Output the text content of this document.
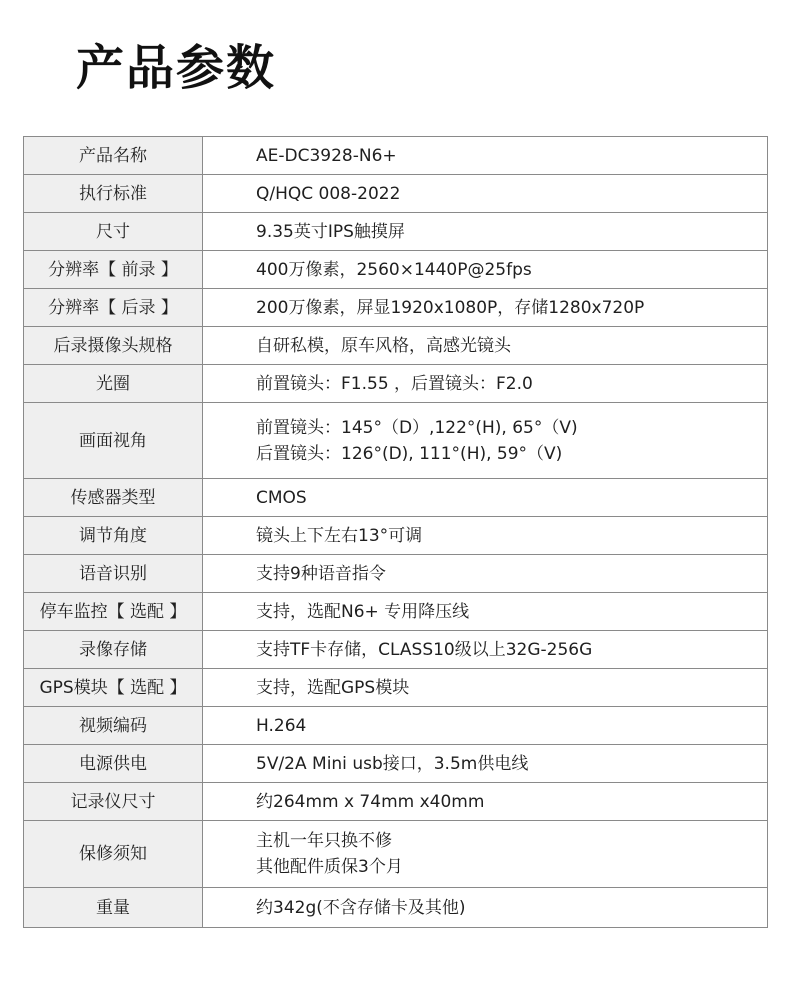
产品参数
产品名称	AE-DC3928-N6+

执行标准	Q/HQC 008-2022

尺寸	9.35英寸IPS触摸屏

分辨率【 前录 】	400万像素，2560×1440P@25fps

分辨率【 后录 】	200万像素，屏显1920x1080P，存储1280x720P

后录摄像头规格	自研私模，原车风格，高感光镜头

光圈	前置镜头：F1.55 ，后置镜头：F2.0

画面视角	前置镜头：145°（D）,122°(H), 65°（V)
后置镜头：126°(D), 111°(H), 59°（V)

传感器类型	CMOS

调节角度	镜头上下左右13°可调

语音识别	支持9种语音指令

停车监控【 选配 】	支持，选配N6+ 专用降压线

录像存储	支持TF卡存储，CLASS10级以上32G-256G

GPS模块【 选配 】	支持，选配GPS模块

视频编码	H.264

电源供电	5V/2A Mini usb接口，3.5m供电线

记录仪尺寸	约264mm x 74mm x40mm

保修须知	主机一年只换不修
其他配件质保3个月

重量	约342g(不含存储卡及其他)
